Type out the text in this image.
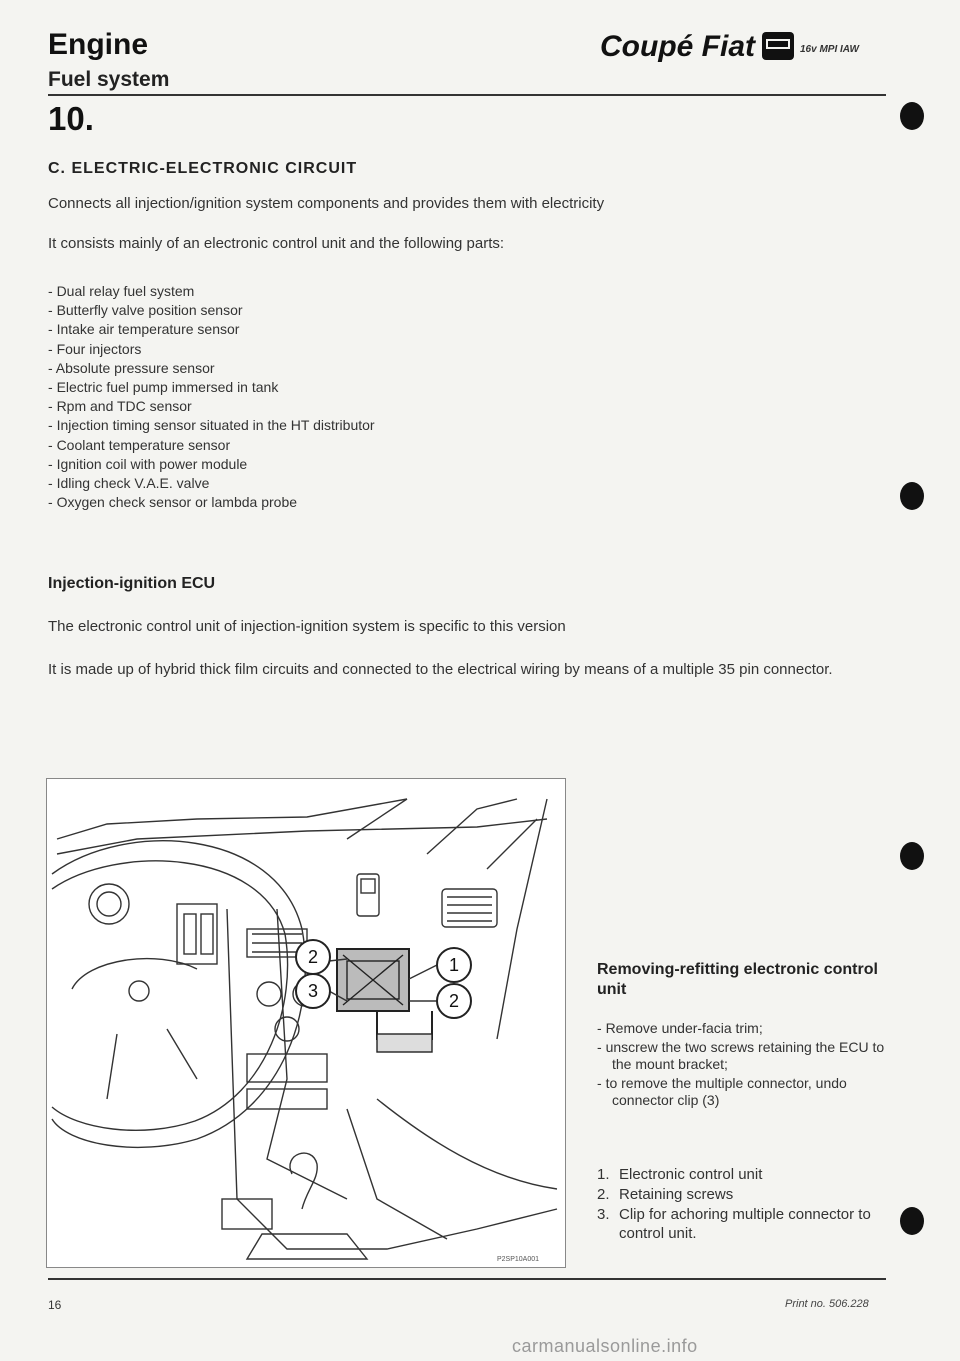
Engine
Fuel system
Coupé Fiat	16v MPI IAW
10.
C. ELECTRIC-ELECTRONIC CIRCUIT
Connects all injection/ignition system components and provides them with electricity
It consists mainly of an electronic control unit and the following parts:
- Dual relay fuel system
- Butterfly valve position sensor
- Intake air temperature sensor
- Four injectors
- Absolute pressure sensor
- Electric fuel pump immersed in tank
- Rpm and TDC sensor
- Injection timing sensor situated in the HT distributor
- Coolant temperature sensor
- Ignition coil with power module
- Idling check V.A.E. valve
- Oxygen check sensor or lambda probe
Injection-ignition ECU
The electronic control unit of injection-ignition system is specific to this version
It is made up of hybrid thick film circuits and connected to the electrical wiring by means of a multiple 35 pin connector.
2	1
3	2
P2SP10A001
Removing-refitting electronic control unit
- Remove under-facia trim;
- unscrew the two screws retaining the ECU to the mount bracket;
- to remove the multiple connector, undo connector clip (3)
1. Electronic control unit
2. Retaining screws
3. Clip for achoring multiple connector to control unit.
16	Print no. 506.228
carmanualsonline.info
